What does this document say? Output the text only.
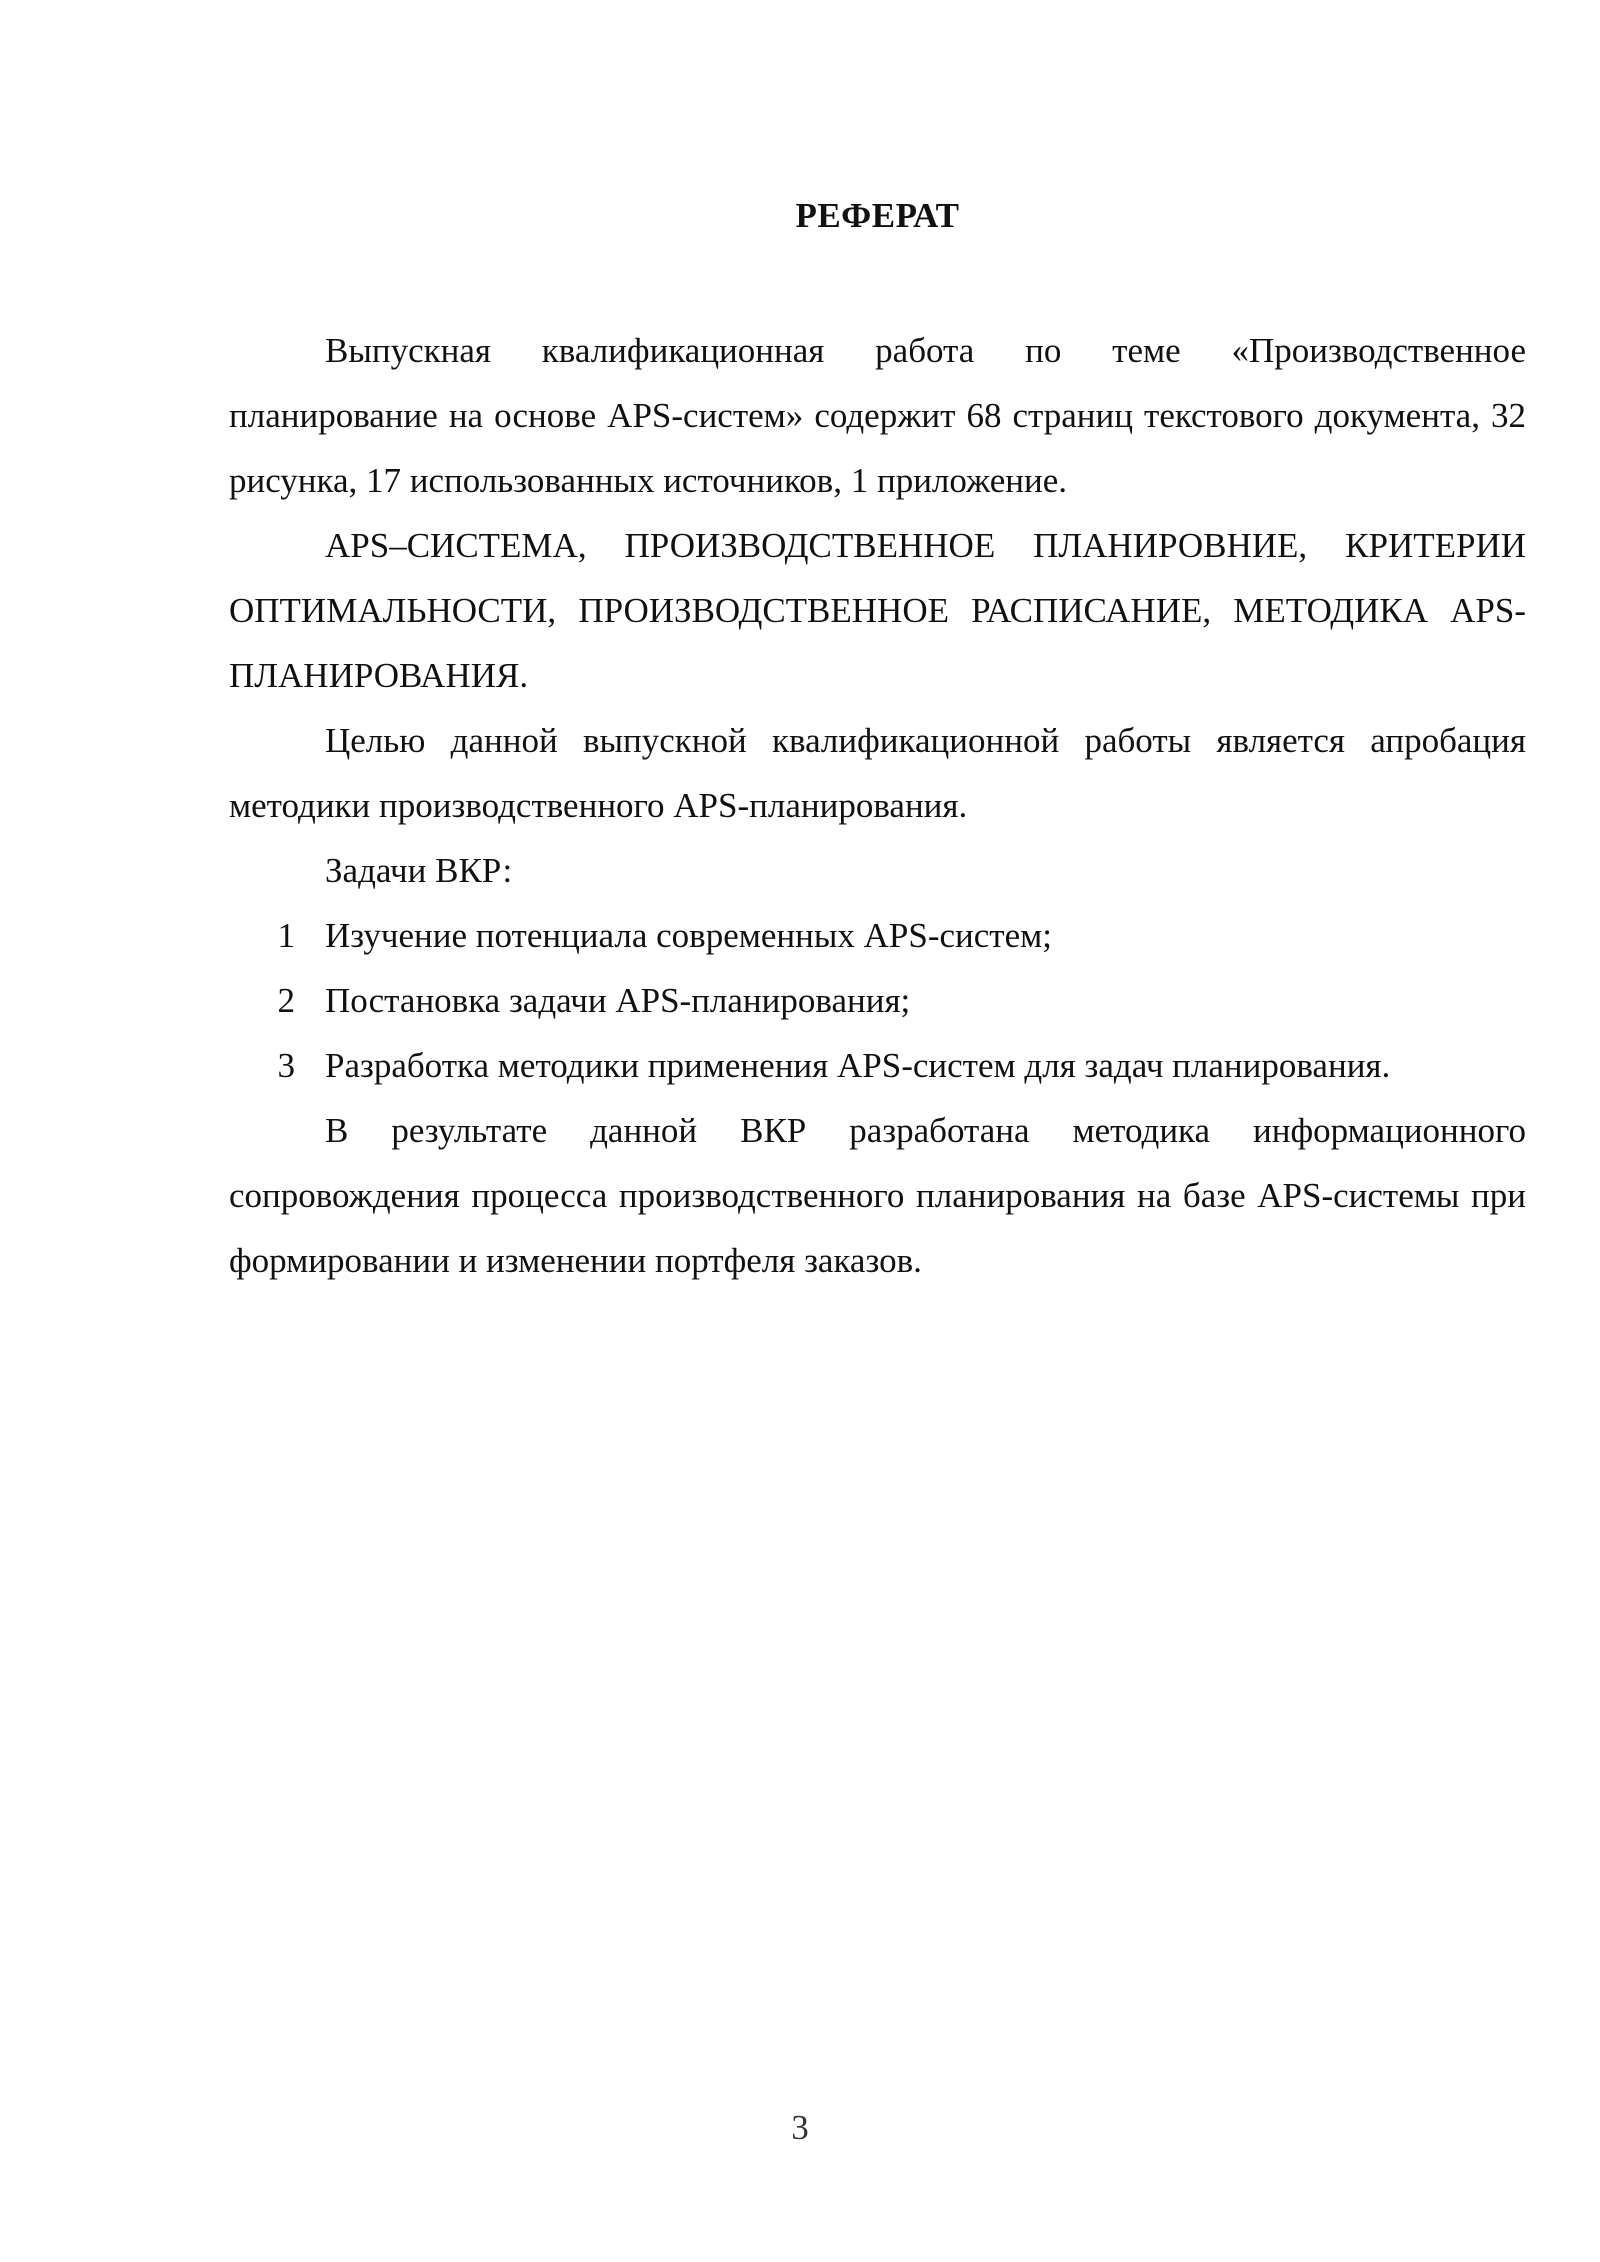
РЕФЕРАТ

Выпускная квалификационная работа по теме «Производственное планирование на основе APS-систем» содержит 68 страниц текстового документа, 32 рисунка, 17 использованных источников, 1 приложение.

APS–СИСТЕМА, ПРОИЗВОДСТВЕННОЕ ПЛАНИРОВНИЕ, КРИТЕРИИ ОПТИМАЛЬНОСТИ, ПРОИЗВОДСТВЕННОЕ РАСПИСАНИЕ, МЕТОДИКА APS-ПЛАНИРОВАНИЯ.

Целью данной выпускной квалификационной работы является апробация методики производственного APS-планирования.

Задачи ВКР:

1 Изучение потенциала современных APS-систем;
2 Постановка задачи APS-планирования;
3 Разработка методики применения APS-систем для задач планирования.

В результате данной ВКР разработана методика информационного сопровождения процесса производственного планирования на базе APS-системы при формировании и изменении портфеля заказов.

3
